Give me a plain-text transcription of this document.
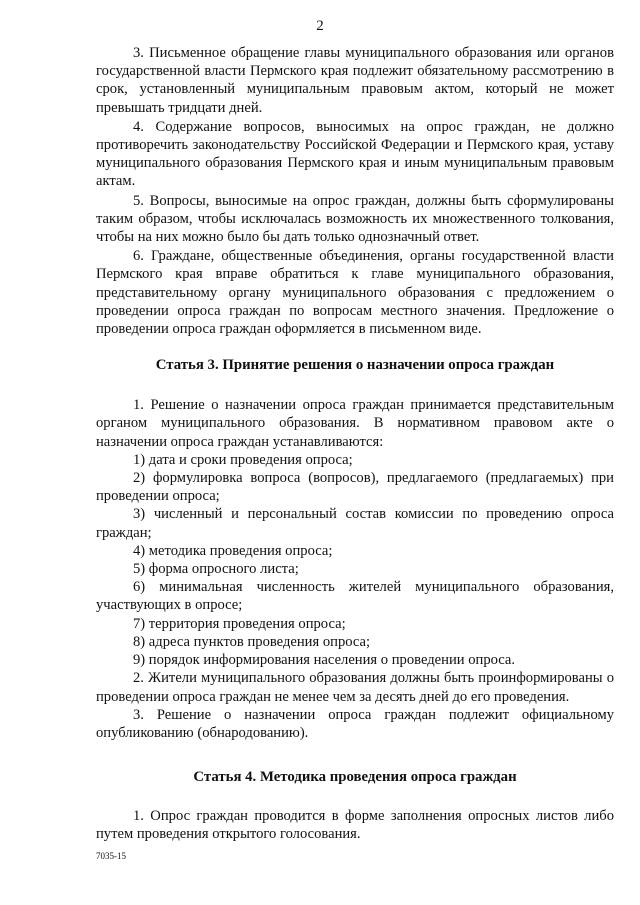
2

3. Письменное обращение главы муниципального образования или органов государственной власти Пермского края подлежит обязательному рассмотрению в срок, установленный муниципальным правовым актом, который не может превышать тридцати дней.

4. Содержание вопросов, выносимых на опрос граждан, не должно противоречить законодательству Российской Федерации и Пермского края, уставу муниципального образования Пермского края и иным муниципальным правовым актам.

5. Вопросы, выносимые на опрос граждан, должны быть сформулированы таким образом, чтобы исключалась возможность их множественного толкования, чтобы на них можно было бы дать только однозначный ответ.

6. Граждане, общественные объединения, органы государственной власти Пермского края вправе обратиться к главе муниципального образования, представительному органу муниципального образования с предложением о проведении опроса граждан по вопросам местного значения. Предложение о проведении опроса граждан оформляется в письменном виде.

Статья 3. Принятие решения о назначении опроса граждан

1. Решение о назначении опроса граждан принимается представительным органом муниципального образования. В нормативном правовом акте о назначении опроса граждан устанавливаются:

1) дата и сроки проведения опроса;

2) формулировка вопроса (вопросов), предлагаемого (предлагаемых) при проведении опроса;

3) численный и персональный состав комиссии по проведению опроса граждан;

4) методика проведения опроса;

5) форма опросного листа;

6) минимальная численность жителей муниципального образования, участвующих в опросе;

7) территория проведения опроса;

8) адреса пунктов проведения опроса;

9) порядок информирования населения о проведении опроса.

2. Жители муниципального образования должны быть проинформированы о проведении опроса граждан не менее чем за десять дней до его проведения.

3. Решение о назначении опроса граждан подлежит официальному опубликованию (обнародованию).

Статья 4. Методика проведения опроса граждан

1. Опрос граждан проводится в форме заполнения опросных листов либо путем проведения открытого голосования.

7035-15
